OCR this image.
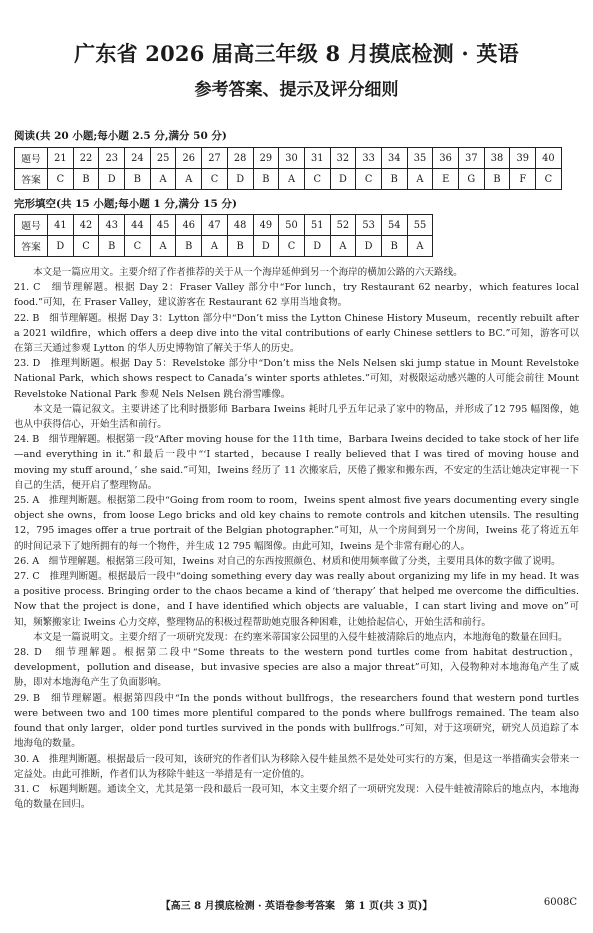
广东省 2026 届高三年级 8 月摸底检测 · 英语
参考答案、提示及评分细则
阅读(共 20 小题;每小题 2.5 分,满分 50 分)
题号	21	22	23	24	25	26	27	28	29	30	31	32	33	34	35	36	37	38	39	40
答案	C	B	D	B	A	A	C	D	B	A	C	D	C	B	A	E	G	B	F	C
完形填空(共 15 小题;每小题 1 分,满分 15 分)
题号	41	42	43	44	45	46	47	48	49	50	51	52	53	54	55
答案	D	C	B	C	A	B	A	B	D	C	D	A	D	B	A

本文是一篇应用文。主要介绍了作者推荐的关于从一个海岸延伸到另一个海岸的横加公路的六天路线。

21. C　细节理解题。根据 Day 2：Fraser Valley 部分中“For lunch，try Restaurant 62 nearby，which features local food.”可知，在 Fraser Valley，建议游客在 Restaurant 62 享用当地食物。

22. B　细节理解题。根据 Day 3：Lytton 部分中“Don’t miss the Lytton Chinese History Museum，recently rebuilt after a 2021 wildfire，which offers a deep dive into the vital contributions of early Chinese settlers to BC.”可知，游客可以在第三天通过参观 Lytton 的华人历史博物馆了解关于华人的历史。

23. D　推理判断题。根据 Day 5：Revelstoke 部分中“Don’t miss the Nels Nelsen ski jump statue in Mount Revelstoke National Park，which shows respect to Canada’s winter sports athletes.”可知，对极限运动感兴趣的人可能会前往 Mount Revelstoke National Park 参观 Nels Nelsen 跳台滑雪雕像。

本文是一篇记叙文。主要讲述了比利时摄影师 Barbara Iweins 耗时几乎五年记录了家中的物品，并形成了12 795 幅图像，她也从中获得信心，开始生活和前行。

24. B　细节理解题。根据第一段“After moving house for the 11th time，Barbara Iweins decided to take stock of her life—and everything in it.”和最后一段中“‘I started，because I really believed that I was tired of moving house and moving my stuff around，’ she said.”可知，Iweins 经历了 11 次搬家后，厌倦了搬家和搬东西，不安定的生活让她决定审视一下自己的生活，便开启了整理物品。

25. A　推理判断题。根据第二段中“Going from room to room，Iweins spent almost five years documenting every single object she owns，from loose Lego bricks and old key chains to remote controls and kitchen utensils. The resulting 12，795 images offer a true portrait of the Belgian photographer.”可知，从一个房间到另一个房间，Iweins 花了将近五年的时间记录下了她所拥有的每一个物件，并生成 12 795 幅图像。由此可知，Iweins 是个非常有耐心的人。

26. A　细节理解题。根据第三段可知，Iweins 对自己的东西按照颜色、材质和使用频率做了分类，主要用具体的数字做了说明。

27. C　推理判断题。根据最后一段中“doing something every day was really about organizing my life in my head. It was a positive process. Bringing order to the chaos became a kind of ‘therapy’ that helped me overcome the difficulties. Now that the project is done，and I have identified which objects are valuable，I can start living and move on”可知，频繁搬家让 Iweins 心力交瘁，整理物品的积极过程帮助她克服各种困难，让她拾起信心，开始生活和前行。

本文是一篇说明文。主要介绍了一项研究发现：在约塞米蒂国家公园里的入侵牛蛙被清除后的地点内，本地海龟的数量在回归。

28. D　细节理解题。根据第二段中“Some threats to the western pond turtles come from habitat destruction，development，pollution and disease，but invasive species are also a major threat”可知，入侵物种对本地海龟产生了威胁，即对本地海龟产生了负面影响。

29. B　细节理解题。根据第四段中“In the ponds without bullfrogs，the researchers found that western pond turtles were between two and 100 times more plentiful compared to the ponds where bullfrogs remained. The team also found that only larger，older pond turtles survived in the ponds with bullfrogs.”可知，对于这项研究，研究人员追踪了本地海龟的数量。

30. A　推理判断题。根据最后一段可知，该研究的作者们认为移除入侵牛蛙虽然不是处处可实行的方案，但是这一举措确实会带来一定益处。由此可推断，作者们认为移除牛蛙这一举措是有一定价值的。

31. C　标题判断题。通读全文，尤其是第一段和最后一段可知，本文主要介绍了一项研究发现：入侵牛蛙被清除后的地点内，本地海龟的数量在回归。

【高三 8 月摸底检测 · 英语卷参考答案　第 1 页(共 3 页)】	6008C
